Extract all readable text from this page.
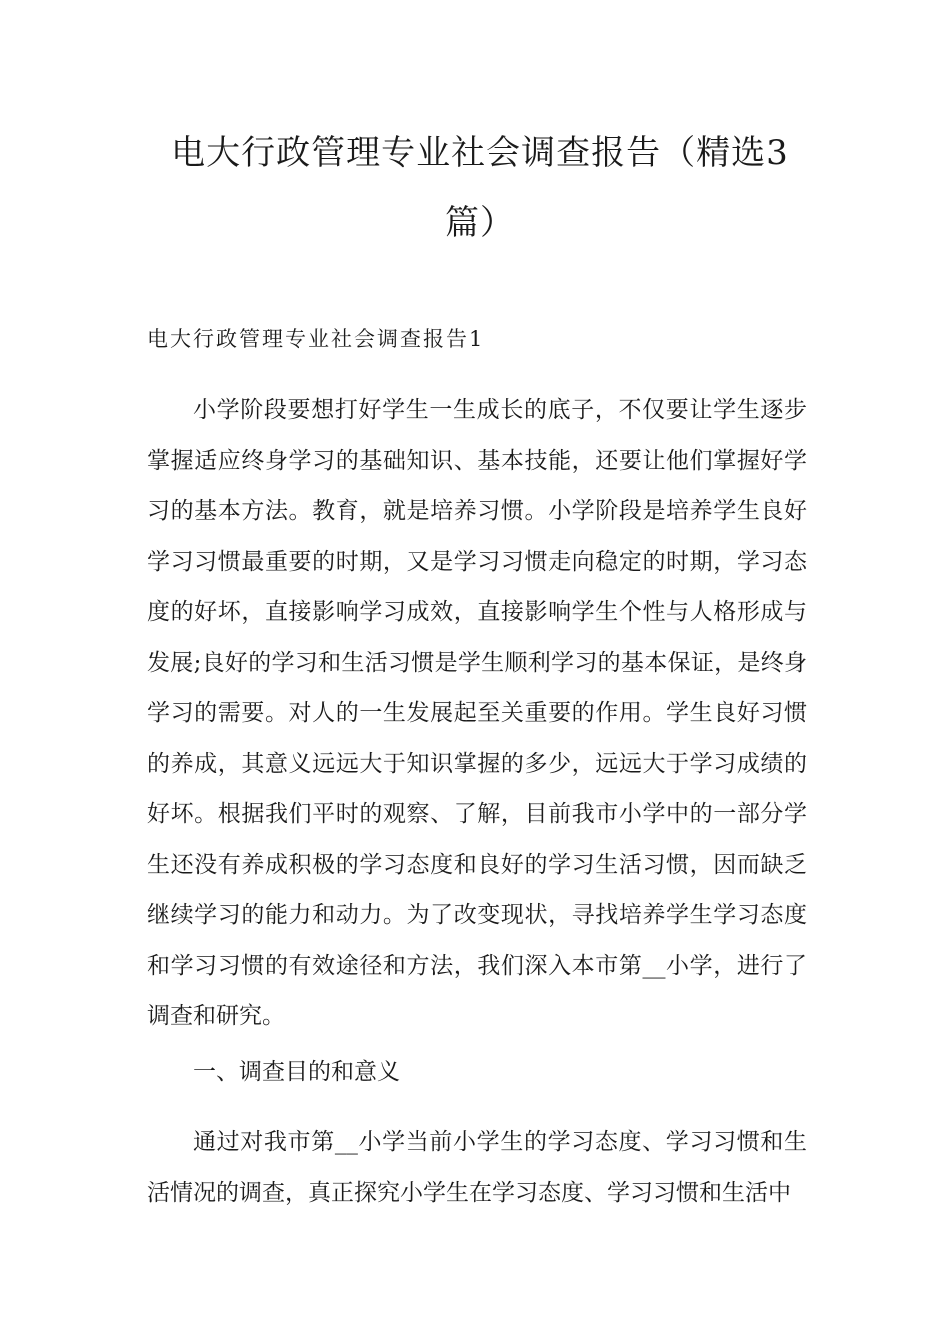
电大行政管理专业社会调查报告（精选3篇）
电大行政管理专业社会调查报告1

小学阶段要想打好学生一生成长的底子，不仅要让学生逐步掌握适应终身学习的基础知识、基本技能，还要让他们掌握好学习的基本方法。教育，就是培养习惯。小学阶段是培养学生良好学习习惯最重要的时期，又是学习习惯走向稳定的时期，学习态度的好坏，直接影响学习成效，直接影响学生个性与人格形成与发展;良好的学习和生活习惯是学生顺利学习的基本保证，是终身学习的需要。对人的一生发展起至关重要的作用。学生良好习惯的养成，其意义远远大于知识掌握的多少，远远大于学习成绩的好坏。根据我们平时的观察、了解，目前我市小学中的一部分学生还没有养成积极的学习态度和良好的学习生活习惯，因而缺乏继续学习的能力和动力。为了改变现状，寻找培养学生学习态度和学习习惯的有效途径和方法，我们深入本市第__小学，进行了调查和研究。

一、调查目的和意义

通过对我市第__小学当前小学生的学习态度、学习习惯和生活情况的调查，真正探究小学生在学习态度、学习习惯和生活中
